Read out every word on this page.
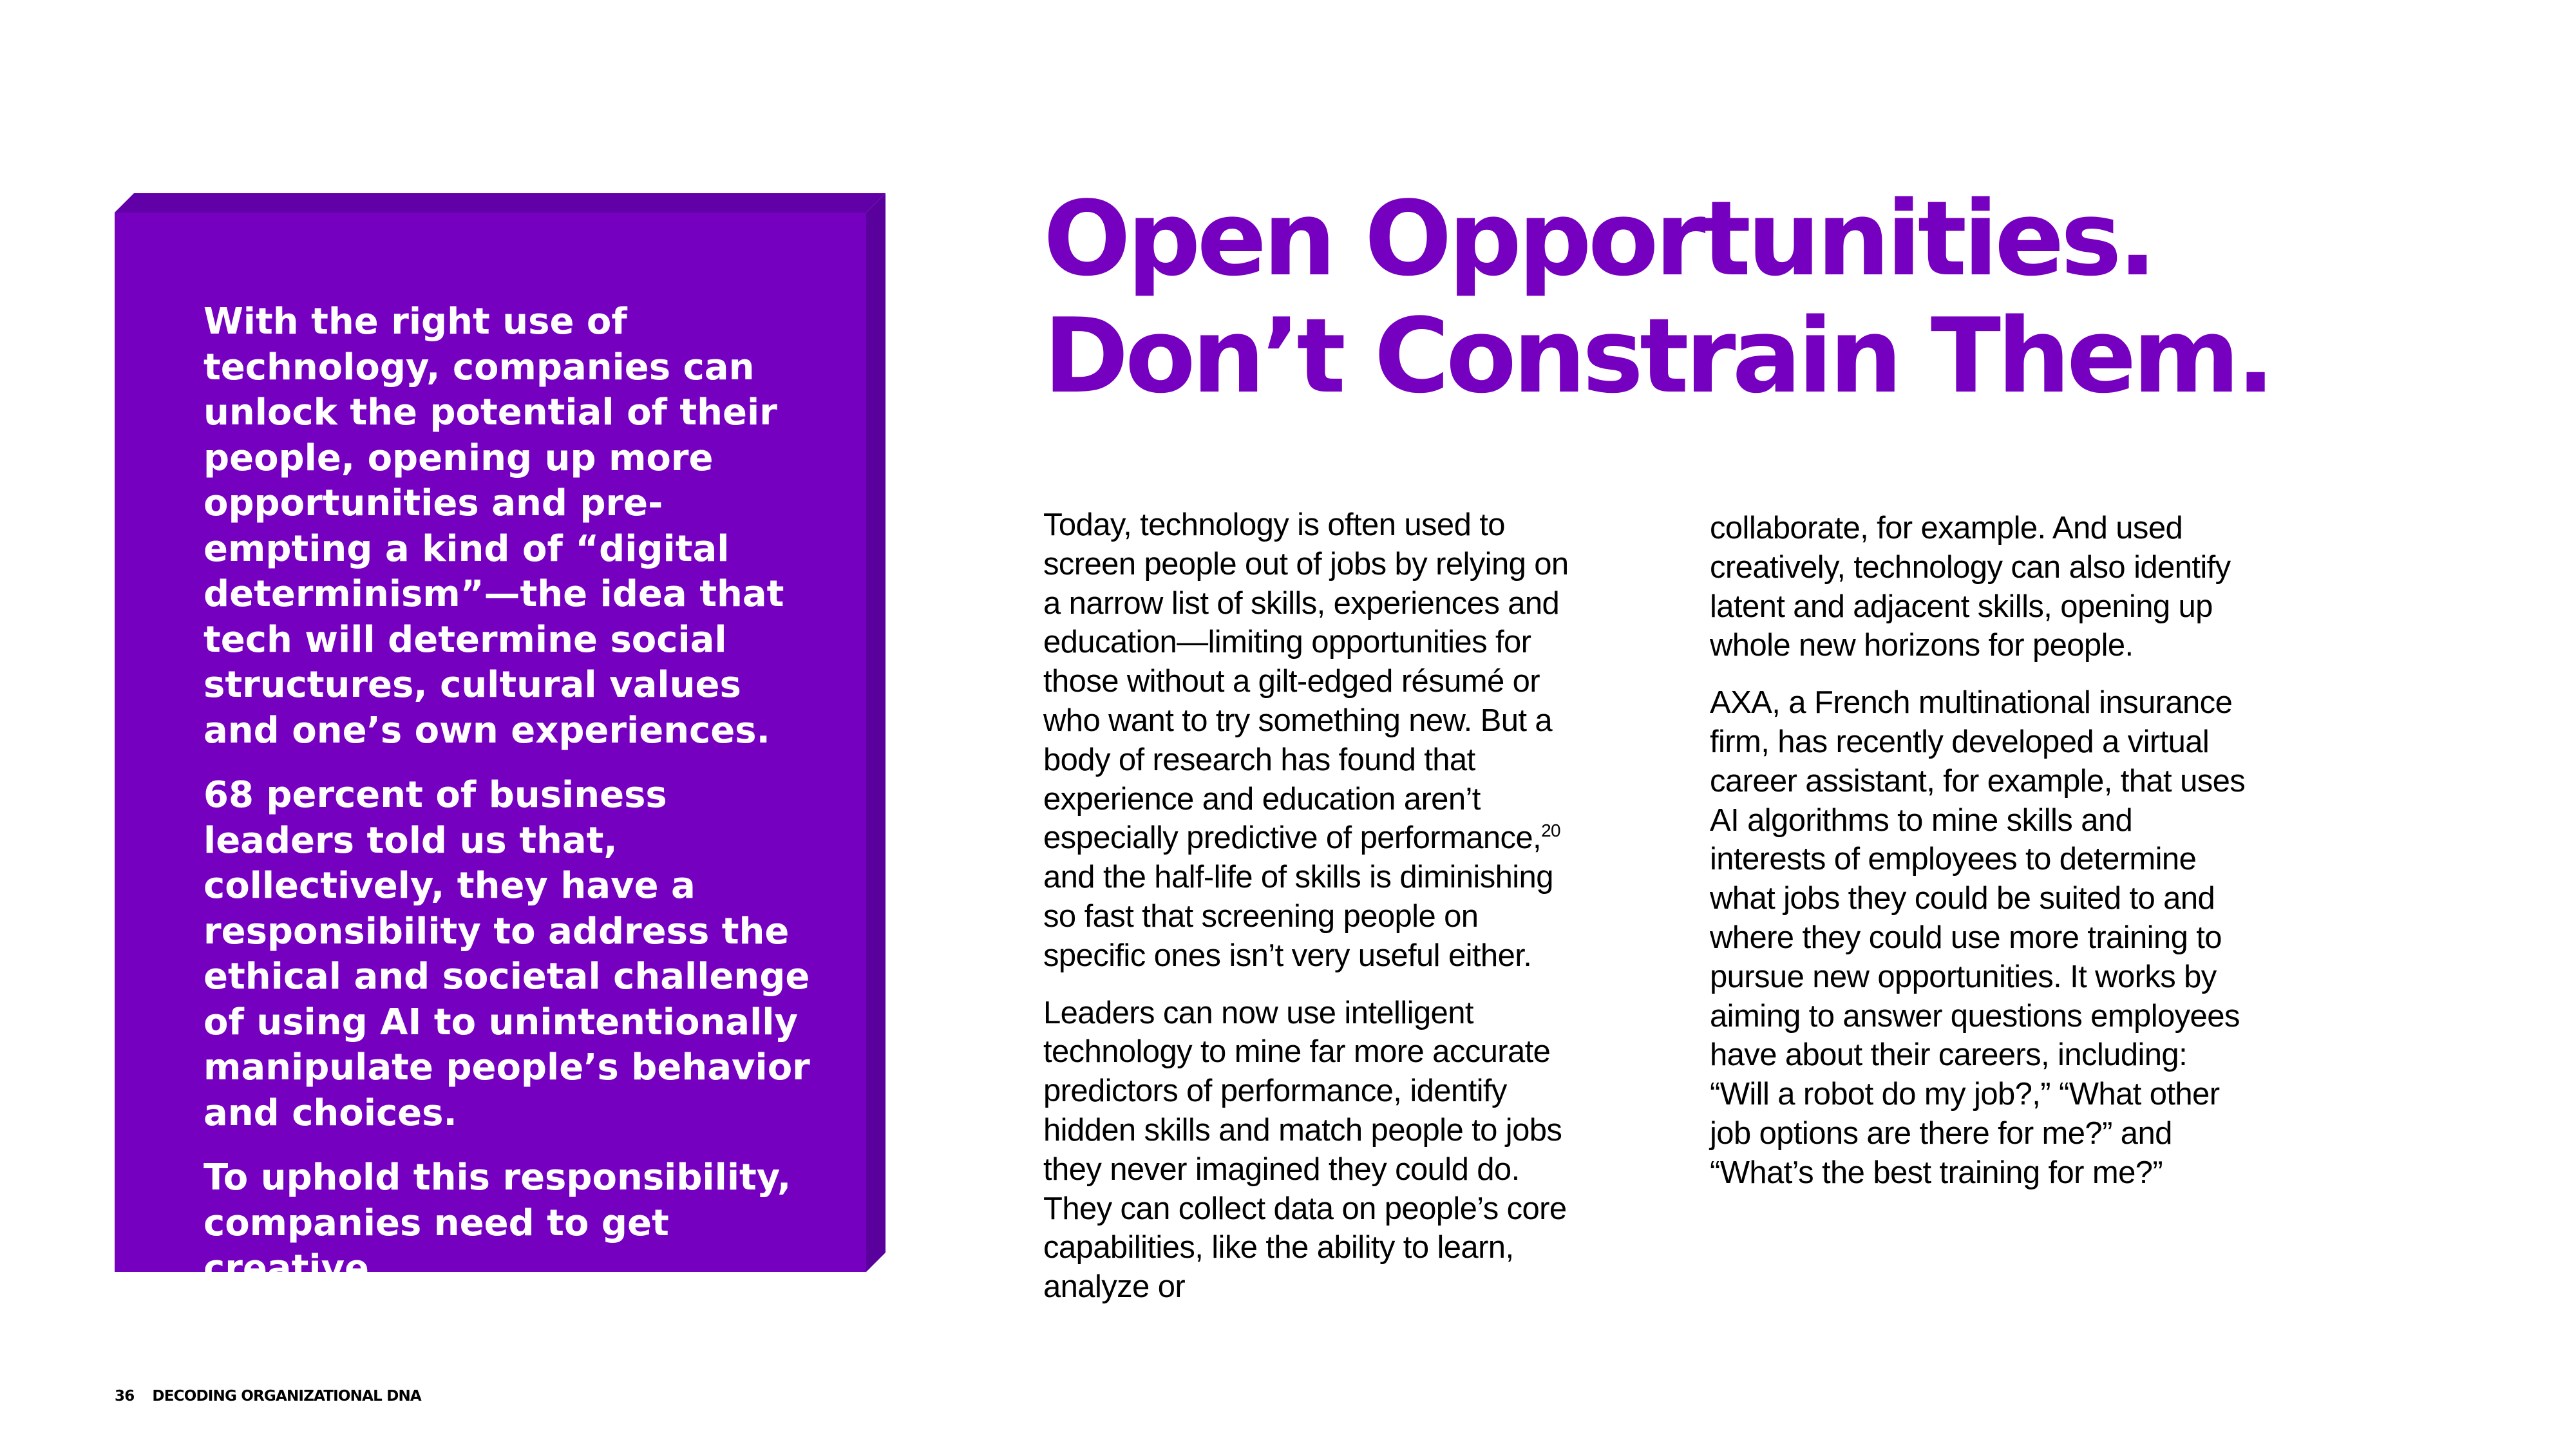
With the right use of technology, companies can unlock the potential of their people, opening up more opportunities and pre-empting a kind of “digital determinism”—the idea that tech will determine social structures, cultural values and one’s own experiences.

68 percent of business leaders told us that, collectively, they have a responsibility to address the ethical and societal challenge of using AI to unintentionally manipulate people’s behavior and choices.

To uphold this responsibility, companies need to get creative.

Open Opportunities.
Don’t Constrain Them.

Today, technology is often used to screen people out of jobs by relying on a narrow list of skills, experiences and education—limiting opportunities for those without a gilt-edged résumé or who want to try something new. But a body of research has found that experience and education aren’t especially predictive of performance,$^{20}$ and the half-life of skills is diminishing so fast that screening people on specific ones isn’t very useful either.

Leaders can now use intelligent technology to mine far more accurate predictors of performance, identify hidden skills and match people to jobs they never imagined they could do. They can collect data on people’s core capabilities, like the ability to learn, analyze or

collaborate, for example. And used creatively, technology can also identify latent and adjacent skills, opening up whole new horizons for people.

AXA, a French multinational insurance firm, has recently developed a virtual career assistant, for example, that uses AI algorithms to mine skills and interests of employees to determine what jobs they could be suited to and where they could use more training to pursue new opportunities. It works by aiming to answer questions employees have about their careers, including: “Will a robot do my job?,” “What other job options are there for me?” and “What’s the best training for me?”

36 DECODING ORGANIZATIONAL DNA
